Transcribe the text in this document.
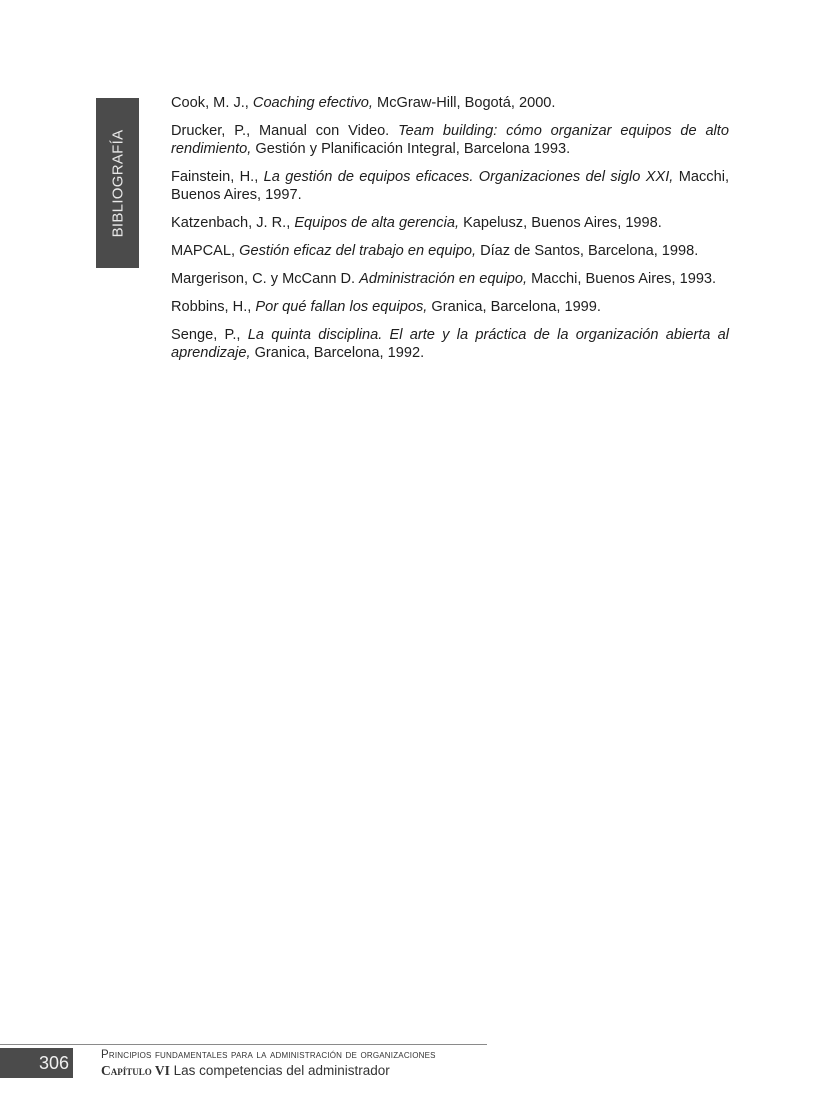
BIBLIOGRAFÍA

Cook, M. J., Coaching efectivo, McGraw-Hill, Bogotá, 2000.

Drucker, P., Manual con Video. Team building: cómo organizar equipos de alto rendimiento, Gestión y Planificación Integral, Barcelona 1993.

Fainstein, H., La gestión de equipos eficaces. Organizaciones del siglo XXI, Macchi, Buenos Aires, 1997.

Katzenbach, J. R., Equipos de alta gerencia, Kapelusz, Buenos Aires, 1998.

MAPCAL, Gestión eficaz del trabajo en equipo, Díaz de Santos, Barcelona, 1998.

Margerison, C. y McCann D. Administración en equipo, Macchi, Buenos Aires, 1993.

Robbins, H., Por qué fallan los equipos, Granica, Barcelona, 1999.

Senge, P., La quinta disciplina. El arte y la práctica de la organización abierta al aprendizaje, Granica, Barcelona, 1992.

306	Principios fundamentales para la administración de organizaciones
Capítulo VI Las competencias del administrador
